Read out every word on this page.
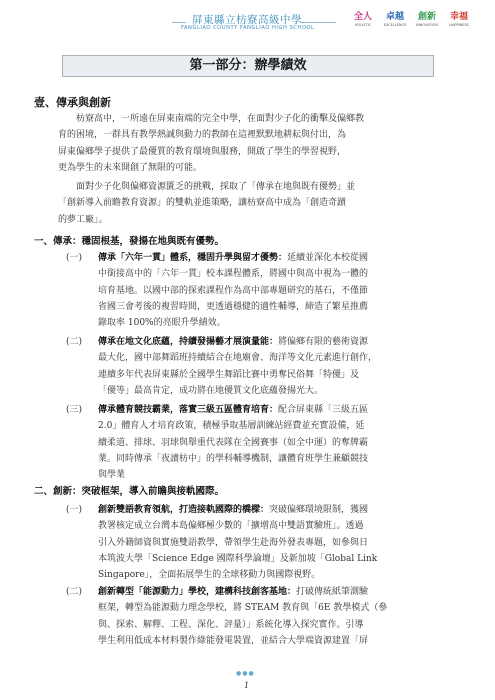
屏東縣立枋寮高級中學
FANGLIAO COUNTY FANGLIAO HIGH SCHOOL
全人
HOLISTIC
卓越
EXCELLENCE
創新
INNOVATION
幸福
HAPPINESS
第一部分：辦學績效
壹、傳承與創新
枋寮高中，一所遠在屏東南端的完全中學，在面對少子化的衝擊及偏鄉教
育的困境，一群具有教學熱誠與動力的教師在這裡默默地耕耘與付出，為
屏東偏鄉學子提供了最優質的教育環境與服務，開啟了學生的學習視野，
更為學生的未來開創了無限的可能。
面對少子化與偏鄉資源匱乏的挑戰，採取了「傳承在地與既有優勢」並
「創新導入前瞻教育資源」的雙軌並進策略，讓枋寮高中成為「創造奇蹟
的夢工廠」。
一、傳承：穩固根基，發揚在地與既有優勢。
(一) 傳承「六年一貫」體系，穩固升學與留才優勢：延續並深化本校從國
中銜接高中的「六年一貫」校本課程體系，將國中與高中視為一體的
培育基地。以國中部的探索課程作為高中部專題研究的基石，不僅節
省國三會考後的複習時間，更透過穩健的適性輔導，締造了繁星推薦
錄取率 100%的亮眼升學績效。
(二) 傳承在地文化底蘊，持續發揚藝才展演量能：將偏鄉有限的藝術資源
最大化，國中部舞蹈班持續結合在地廟會、海洋等文化元素進行創作，
連續多年代表屏東縣於全國學生舞蹈比賽中勇奪民俗舞「特優」及
「優等」最高肯定，成功將在地優質文化底蘊發揚光大。
(三) 傳承體育競技霸業，落實三級五區體育培育：配合屏東縣「三級五區
2.0」體育人才培育政策，積極爭取基層訓練站經費並充實設備，延
續柔道、排球、羽球與舉重代表隊在全國賽事（如全中運）的奪牌霸
業。同時傳承「夜讀枋中」的學科輔導機制，讓體育班學生兼顧競技
與學業
二、創新：突破框架，導入前瞻與接軌國際。
(一) 創新雙語教育領航，打造接軌國際的橋樑：突破偏鄉環境限制，獲國
教署核定成立台灣本島偏鄉極少數的「擴增高中雙語實驗班」。透過
引入外籍師資與實施雙語教學，帶領學生赴海外發表專題，如參與日
本筑波大學「Science Edge 國際科學論壇」及新加坡「Global Link
Singapore」，全面拓展學生的全球移動力與國際視野。
(二) 創新轉型「能源動力」學校，建構科技創客基地：打破傳統紙筆測驗
框架，轉型為能源動力理念學校，將 STEAM 教育與「6E 教學模式（參
與、探索、解釋、工程、深化、評量）」系統化導入探究實作。引導
學生利用低成本材料製作綠能發電裝置，並結合大學端資源建置「屏
●●●
1
